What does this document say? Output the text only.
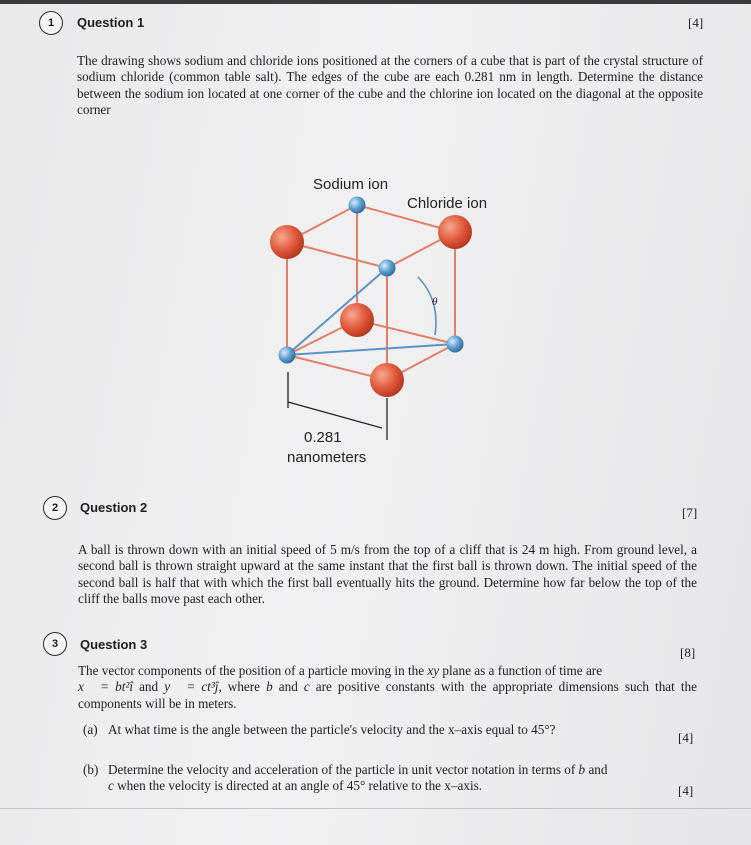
1	Question 1	[4]
The drawing shows sodium and chloride ions positioned at the corners of a cube that is part of the crystal structure of sodium chloride (common table salt). The edges of the cube are each 0.281 nm in length. Determine the distance between the sodium ion located at one corner of the cube and the chlorine ion located on the diagonal at the opposite corner
θ
Sodium ion
Chloride ion
0.281
nanometers
2	Question 2	[7]
A ball is thrown down with an initial speed of 5 m/s from the top of a cliff that is 24 m high. From ground level, a second ball is thrown straight upward at the same instant that the first ball is thrown down. The initial speed of the second ball is half that with which the first ball eventually hits the ground. Determine how far below the top of the cliff the balls move past each other.
3	Question 3
[8]
The vector components of the position of a particle moving in the xy plane as a function of time are
x⃗ = bt²î and y⃗ = ct³ĵ, where b and c are positive constants with the appropriate dimensions such that the components will be in meters.
(a) At what time is the angle between the particle's velocity and the x–axis equal to 45°?
[4]
(b) Determine the velocity and acceleration of the particle in unit vector notation in terms of b and
c when the velocity is directed at an angle of 45° relative to the x–axis.	[4]
